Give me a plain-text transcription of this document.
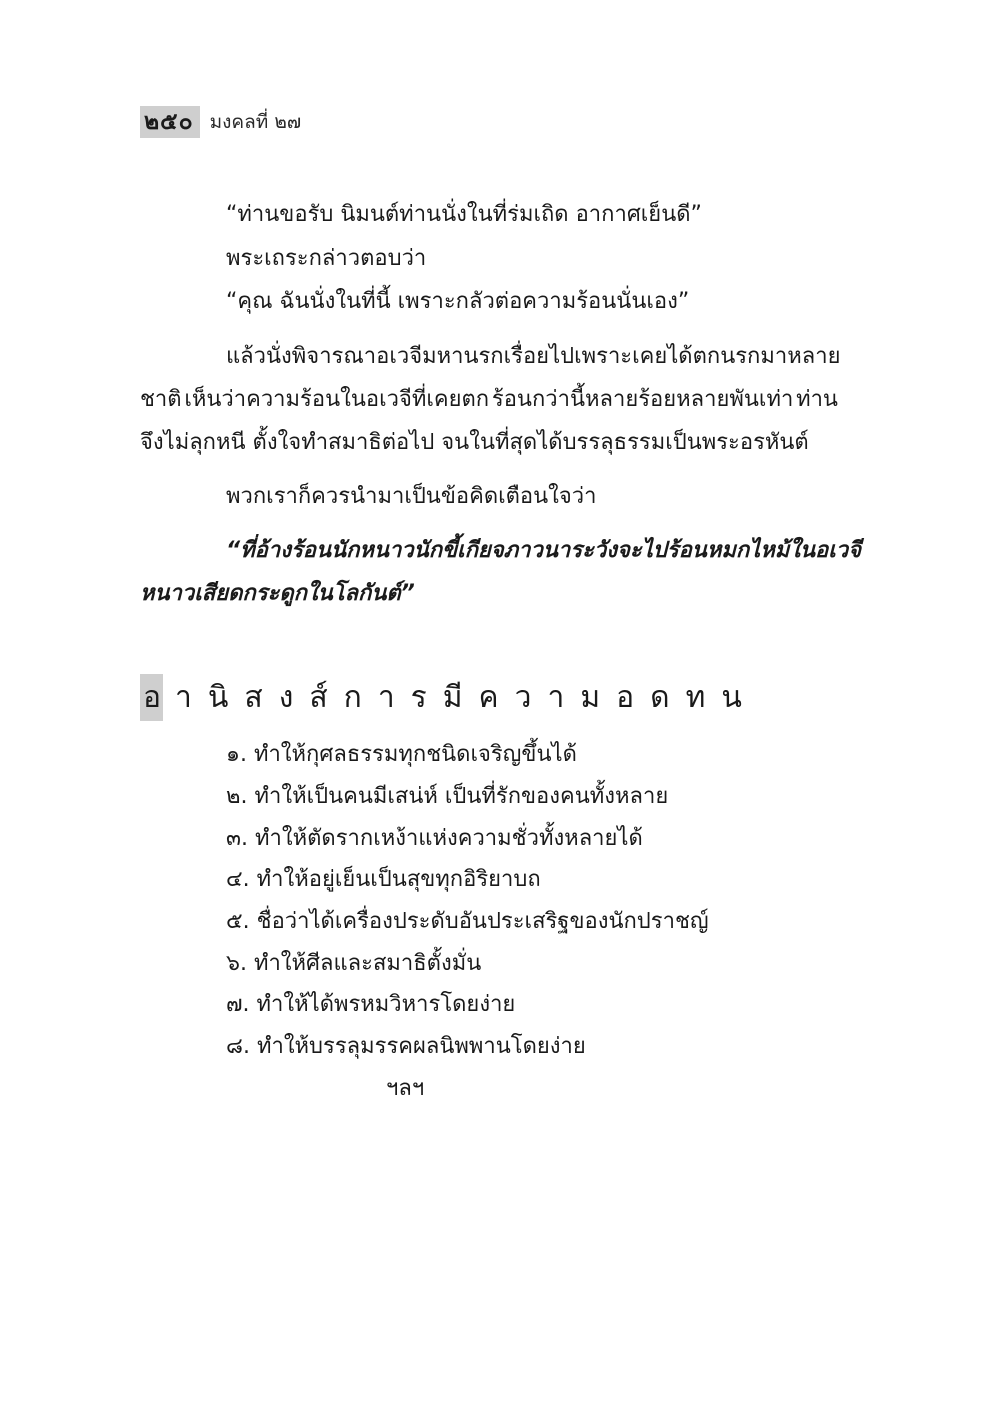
๒๕๐ มงคลที่ ๒๗
“ท่านขอรับ นิมนต์ท่านนั่งในที่ร่มเถิด อากาศเย็นดี”
พระเถระกล่าวตอบว่า
“คุณ ฉันนั่งในที่นี้ เพราะกลัวต่อความร้อนนั่นเอง”
แล้วนั่งพิจารณาอเวจีมหานรกเรื่อยไป เพราะเคยได้ตกนรกมาหลาย
ชาติ เห็นว่าความร้อนในอเวจีที่เคยตก ร้อนกว่านี้หลายร้อยหลายพันเท่า ท่าน
จึงไม่ลุกหนี ตั้งใจทำสมาธิต่อไป จนในที่สุดได้บรรลุธรรมเป็นพระอรหันต์
พวกเราก็ควรนำมาเป็นข้อคิดเตือนใจว่า
“ที่อ้างร้อนนักหนาวนัก ขี้เกียจภาวนา ระวังจะไปร้อนหมกไหม้ในอเวจี
หนาวเสียดกระดูกในโลกันต์”
อ านิสงส์การมีความอดทน
๑. ทำให้กุศลธรรมทุกชนิดเจริญขึ้นได้
๒. ทำให้เป็นคนมีเสน่ห์ เป็นที่รักของคนทั้งหลาย
๓. ทำให้ตัดรากเหง้าแห่งความชั่วทั้งหลายได้
๔. ทำให้อยู่เย็นเป็นสุขทุกอิริยาบถ
๕. ชื่อว่าได้เครื่องประดับอันประเสริฐของนักปราชญ์
๖. ทำให้ศีลและสมาธิตั้งมั่น
๗. ทำให้ได้พรหมวิหารโดยง่าย
๘. ทำให้บรรลุมรรคผลนิพพานโดยง่าย
ฯลฯ
